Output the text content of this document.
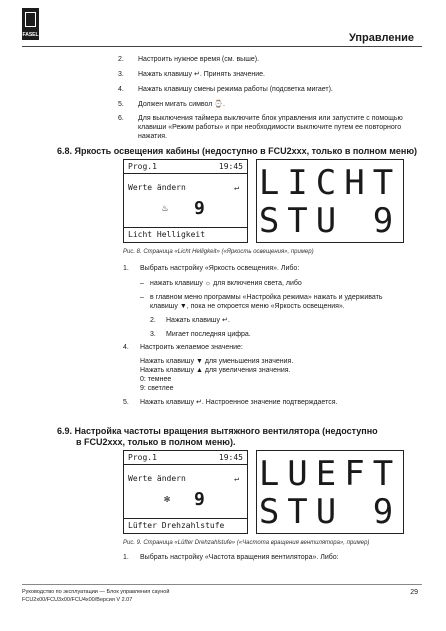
FASEL	Управление
2. Настроить нужное время (см. выше).
3. Нажать клавишу ↵. Принять значение.
4. Нажать клавишу смены режима работы (подсветка мигает).
5. Должен мигать символ ⌚.
6. Для выключения таймера выключите блок управления или запустите с помощью клавиши «Режим работы» и при необходимости выключите путем ее повторного нажатия.
6.8. Яркость освещения кабины (недоступно в FCU2xxx, только в полном меню)
Prog.1	19:45
Werte ändern	↵
♨ 9
Licht Helligkeit
LICHT
STU 9
Рис. 8. Страница «Licht Helligkeit» («Яркость освещения», пример)
1. Выбрать настройку «Яркость освещения». Либо:
– нажать клавишу ☼ для включения света, либо
– в главном меню программы «Настройка режима» нажать и удерживать
клавишу ▼, пока не откроется меню «Яркость освещения».
2. Нажать клавишу ↵.
3. Мигает последняя цифра.
4. Настроить желаемое значение:
Нажать клавишу ▼ для уменьшения значения.
Нажать клавишу ▲ для увеличения значения.
0: темнее
9: светлее
5. Нажать клавишу ↵. Настроенное значение подтверждается.
6.9. Настройка частоты вращения вытяжного вентилятора (недоступно
в FCU2xxx, только в полном меню).
Prog.1	19:45
Werte ändern	↵
✻ 9
Lüfter Drehzahlstufe
LUEFT
STU 9
Рис. 9. Страница «Lüfter Drehzahlstufe» («Частота вращения вентилятора», пример)
1. Выбрать настройку «Частота вращения вентилятора». Либо:
Руководство по эксплуатации — Блок управления сауной
FCU2x00/FCU3x00/FCU4x00/Версия V 2.07
29
